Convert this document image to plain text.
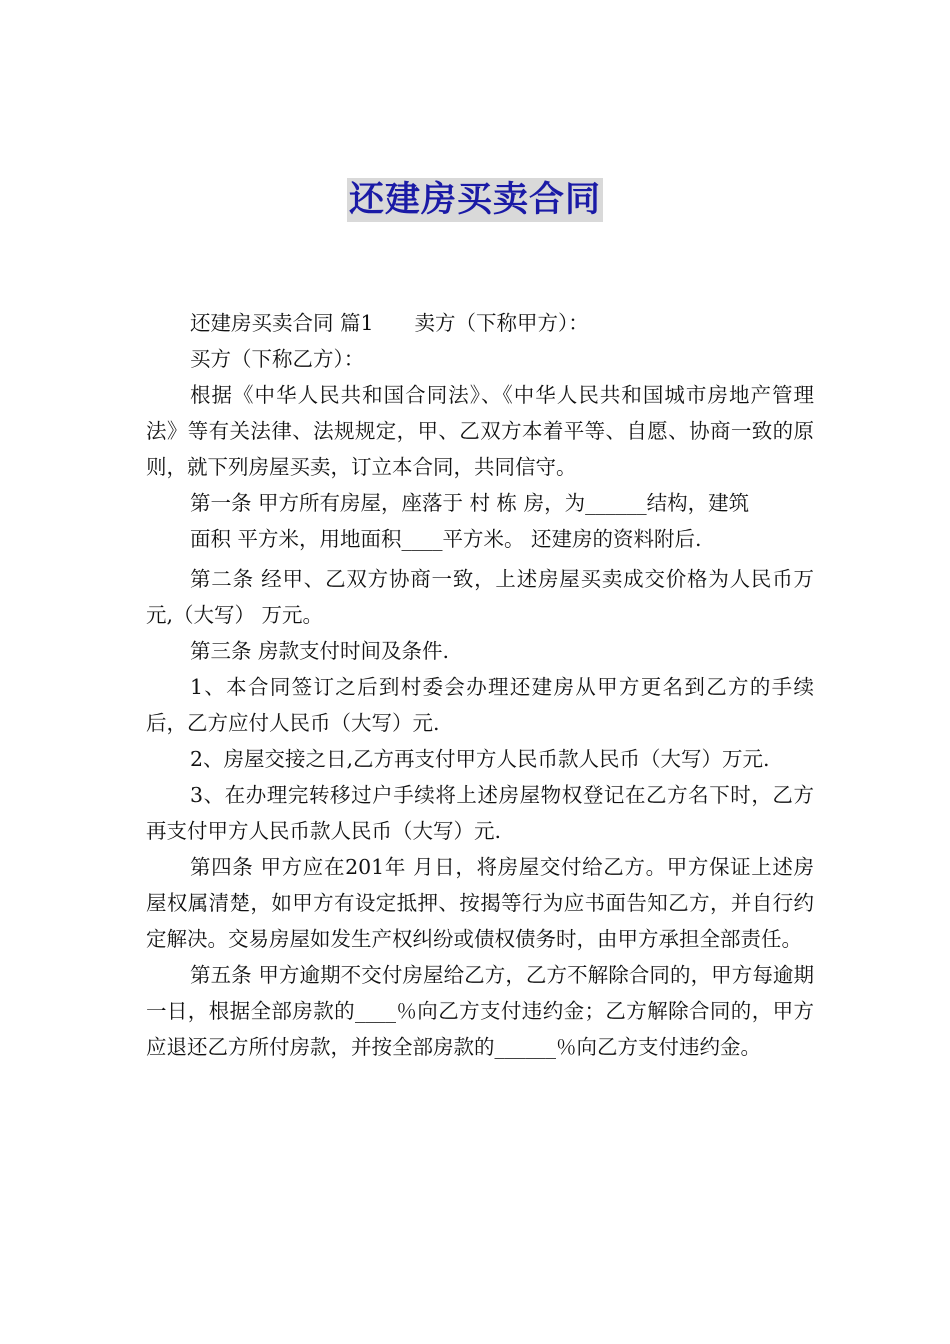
还建房买卖合同

还建房买卖合同 篇1　　卖方（下称甲方）：

买方（下称乙方）：

根据《中华人民共和国合同法》、《中华人民共和国城市房地产管理法》等有关法律、法规规定，甲、乙双方本着平等、自愿、协商一致的原则，就下列房屋买卖，订立本合同，共同信守。

第一条 甲方所有房屋，座落于 村 栋 房，为______结构，建筑

面积 平方米，用地面积____平方米。 还建房的资料附后.

第二条 经甲、乙双方协商一致，上述房屋买卖成交价格为人民币万元,（大写） 万元。

第三条 房款支付时间及条件.

1、本合同签订之后到村委会办理还建房从甲方更名到乙方的手续后，乙方应付人民币（大写）元.

2、房屋交接之日,乙方再支付甲方人民币款人民币（大写）万元.

3、在办理完转移过户手续将上述房屋物权登记在乙方名下时，乙方再支付甲方人民币款人民币（大写）元.

第四条 甲方应在201年 月日，将房屋交付给乙方。甲方保证上述房屋权属清楚，如甲方有设定抵押、按揭等行为应书面告知乙方，并自行约定解决。交易房屋如发生产权纠纷或债权债务时，由甲方承担全部责任。

第五条 甲方逾期不交付房屋给乙方，乙方不解除合同的，甲方每逾期一日，根据全部房款的____％向乙方支付违约金；乙方解除合同的，甲方应退还乙方所付房款，并按全部房款的______％向乙方支付违约金。
